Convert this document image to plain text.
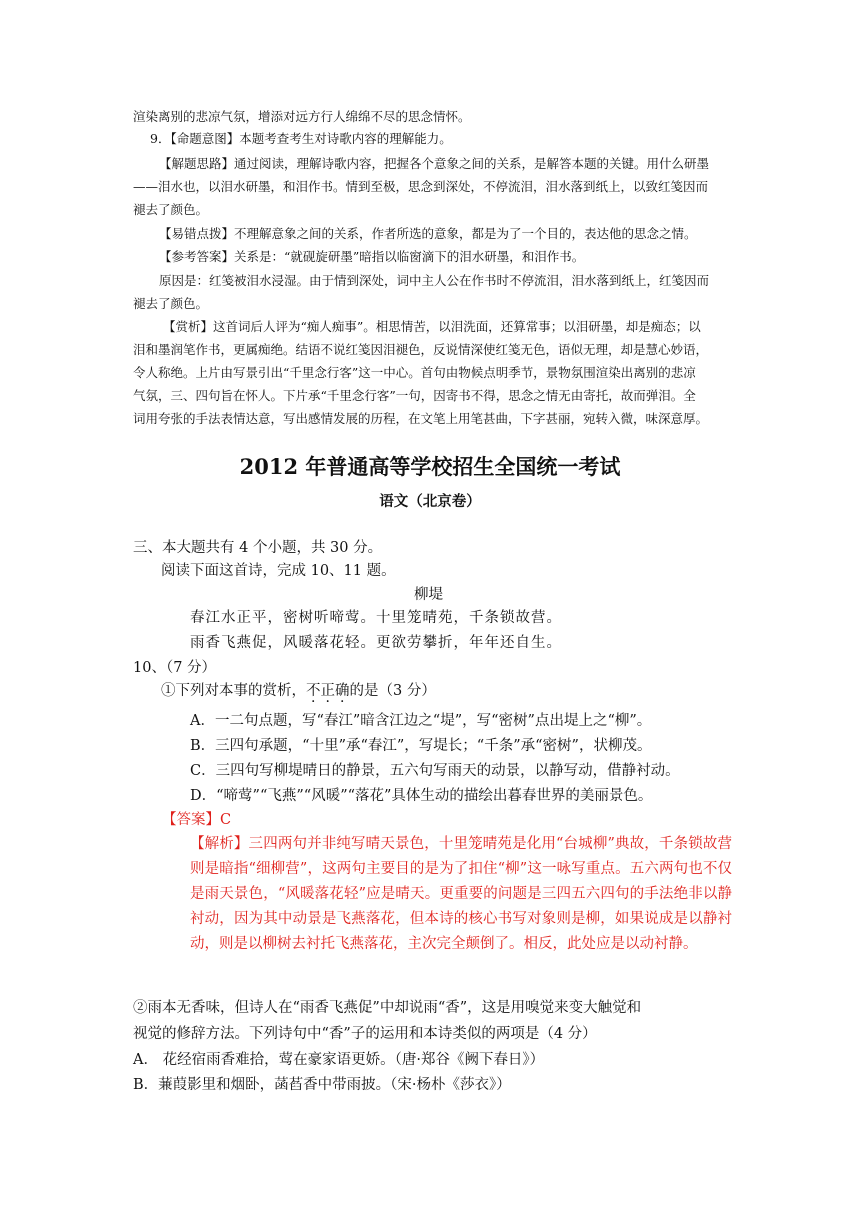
渲染离别的悲凉气氛，增添对远方行人绵绵不尽的思念情怀。
9．【命题意图】本题考查考生对诗歌内容的理解能力。
【解题思路】通过阅读，理解诗歌内容，把握各个意象之间的关系，是解答本题的关键。用什么研墨
——泪水也，以泪水研墨，和泪作书。情到至极，思念到深处，不停流泪，泪水落到纸上，以致红笺因而
褪去了颜色。
【易错点拨】不理解意象之间的关系，作者所选的意象，都是为了一个目的，表达他的思念之情。
【参考答案】关系是：“就砚旋研墨”暗指以临窗滴下的泪水研墨，和泪作书。
原因是：红笺被泪水浸湿。由于情到深处，词中主人公在作书时不停流泪，泪水落到纸上，红笺因而
褪去了颜色。
【赏析】这首词后人评为“痴人痴事”。相思情苦，以泪洗面，还算常事；以泪研墨，却是痴态；以
泪和墨润笔作书，更属痴绝。结语不说红笺因泪褪色，反说情深使红笺无色，语似无理，却是慧心妙语，
令人称绝。上片由写景引出“千里念行客”这一中心。首句由物候点明季节，景物氛围渲染出离别的悲凉
气氛，三、四句旨在怀人。下片承“千里念行客”一句，因寄书不得，思念之情无由寄托，故而弹泪。全
词用夸张的手法表情达意，写出感情发展的历程，在文笔上用笔甚曲，下字甚丽，宛转入微，味深意厚。
2012 年普通高等学校招生全国统一考试
语文（北京卷）
三、本大题共有 4 个小题，共 30 分。
阅读下面这首诗，完成 10、11 题。
柳堤
春江水正平，密树听啼莺。十里笼晴苑，千条锁故营。
雨香飞燕促，风暖落花轻。更欲劳攀折，年年还自生。
10、（7 分）
①下列对本事的赏析，不正确的是（3 分）
A．一二句点题，写“春江”暗含江边之“堤”，写“密树”点出堤上之“柳”。
B．三四句承题，“十里”承“春江”，写堤长；“千条”承“密树”，状柳茂。
C．三四句写柳堤晴日的静景，五六句写雨天的动景，以静写动，借静衬动。
D．“啼莺”“飞燕”“风暖”“落花”具体生动的描绘出暮春世界的美丽景色。
【答案】C
【解析】三四两句并非纯写晴天景色，十里笼晴苑是化用“台城柳”典故，千条锁故营则是暗指“细柳营”，这两句主要目的是为了扣住“柳”这一咏写重点。五六两句也不仅是雨天景色，“风暖落花轻”应是晴天。更重要的问题是三四五六四句的手法绝非以静衬动，因为其中动景是飞燕落花，但本诗的核心书写对象则是柳，如果说成是以静衬动，则是以柳树去衬托飞燕落花，主次完全颠倒了。相反，此处应是以动衬静。
②雨本无香味，但诗人在“雨香飞燕促”中却说雨“香”，这是用嗅觉来变大触觉和
视觉的修辞方法。下列诗句中“香”子的运用和本诗类似的两项是（4 分）
A． 花经宿雨香难拾，莺在豪家语更娇。（唐·郑谷《阙下春日》）
B．蒹葭影里和烟卧，菡萏香中带雨披。（宋·杨朴《莎衣》）
